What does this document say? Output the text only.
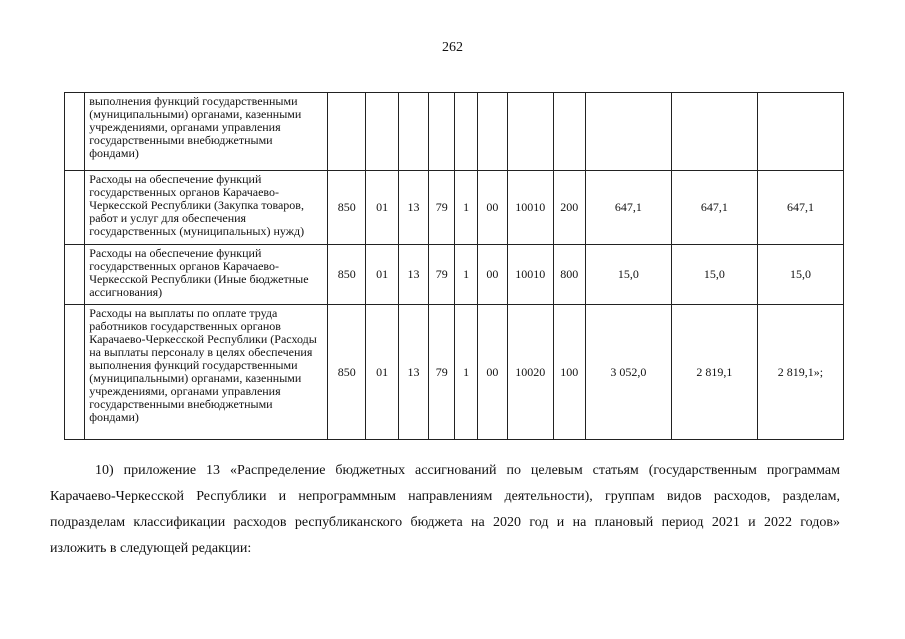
262
	выполнения функций государственными (муниципальными) органами, казенными учреждениями, органами управления государственными внебюджетными фондами)											
	Расходы на обеспечение функций государственных органов Карачаево-Черкесской Республики (Закупка товаров, работ и услуг для обеспечения государственных (муниципальных) нужд)	850	01	13	79	1	00	10010	200	647,1	647,1	647,1
	Расходы на обеспечение функций государственных органов Карачаево-Черкесской Республики (Иные бюджетные ассигнования)	850	01	13	79	1	00	10010	800	15,0	15,0	15,0
	Расходы на выплаты по оплате труда работников государственных органов Карачаево-Черкесской Республики (Расходы на выплаты персоналу в целях обеспечения выполнения функций государственными (муниципальными) органами, казенными учреждениями, органами управления государственными внебюджетными фондами)	850	01	13	79	1	00	10020	100	3 052,0	2 819,1	2 819,1»;
10) приложение 13 «Распределение бюджетных ассигнований по целевым статьям (государственным программам
Карачаево-Черкесской Республики и непрограммным направлениям деятельности), группам видов расходов, разделам,
подразделам классификации расходов республиканского бюджета на 2020 год и на плановый период 2021 и 2022 годов»
изложить в следующей редакции:
